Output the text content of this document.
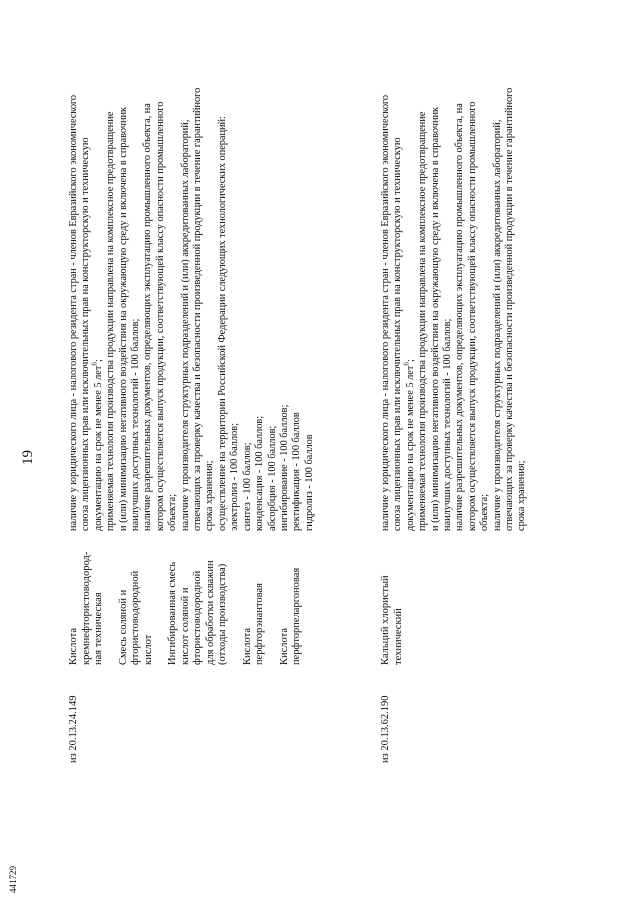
19
441729
из 20.13.24.149
Кислота кремнефтористоводород- ная техническая Смесь соляной и фтористоводородной кислот Ингибированная смесь кислот соляной и фтористоводородной для обработки скважин (отходы производства) Кислота перфторэнантовая Кислота перфторпеларгоновая
наличие у юридического лица - налогового резидента стран - членов Евразийского экономического союза лицензионных прав или исключительных прав на конструкторскую и техническую документацию на срок не менее 5 лет$^6$; применяемая технология производства продукции направлена на комплексное предотвращение и (или) минимизацию негативного воздействия на окружающую среду и включена в справочник наилучших доступных технологий - 100 баллов; наличие разрешительных документов, определяющих эксплуатацию промышленного объекта, на котором осуществляется выпуск продукции, соответствующей классу опасности промышленного объекта; наличие у производителя структурных подразделений и (или) аккредитованных лабораторий, отвечающих за проверку качества и безопасности произведенной продукции в течение гарантийного срока хранения; осуществление на территории Российской Федерации следующих технологических операций: электролиз - 100 баллов; синтез - 100 баллов; конденсация - 100 баллов; абсорбция - 100 баллов; ингибирование - 100 баллов; ректификация - 100 баллов гидролиз - 100 баллов
из 20.13.62.190
Кальций хлористый технический
наличие у юридического лица - налогового резидента стран - членов Евразийского экономического союза лицензионных прав или исключительных прав на конструкторскую и техническую документацию на срок не менее 5 лет$^6$; применяемая технология производства продукции направлена на комплексное предотвращение и (или) минимизацию негативного воздействия на окружающую среду и включена в справочник наилучших доступных технологий - 100 баллов; наличие разрешительных документов, определяющих эксплуатацию промышленного объекта, на котором осуществляется выпуск продукции, соответствующей классу опасности промышленного объекта; наличие у производителя структурных подразделений и (или) аккредитованных лабораторий, отвечающих за проверку качества и безопасности произведенной продукции в течение гарантийного срока хранения;
